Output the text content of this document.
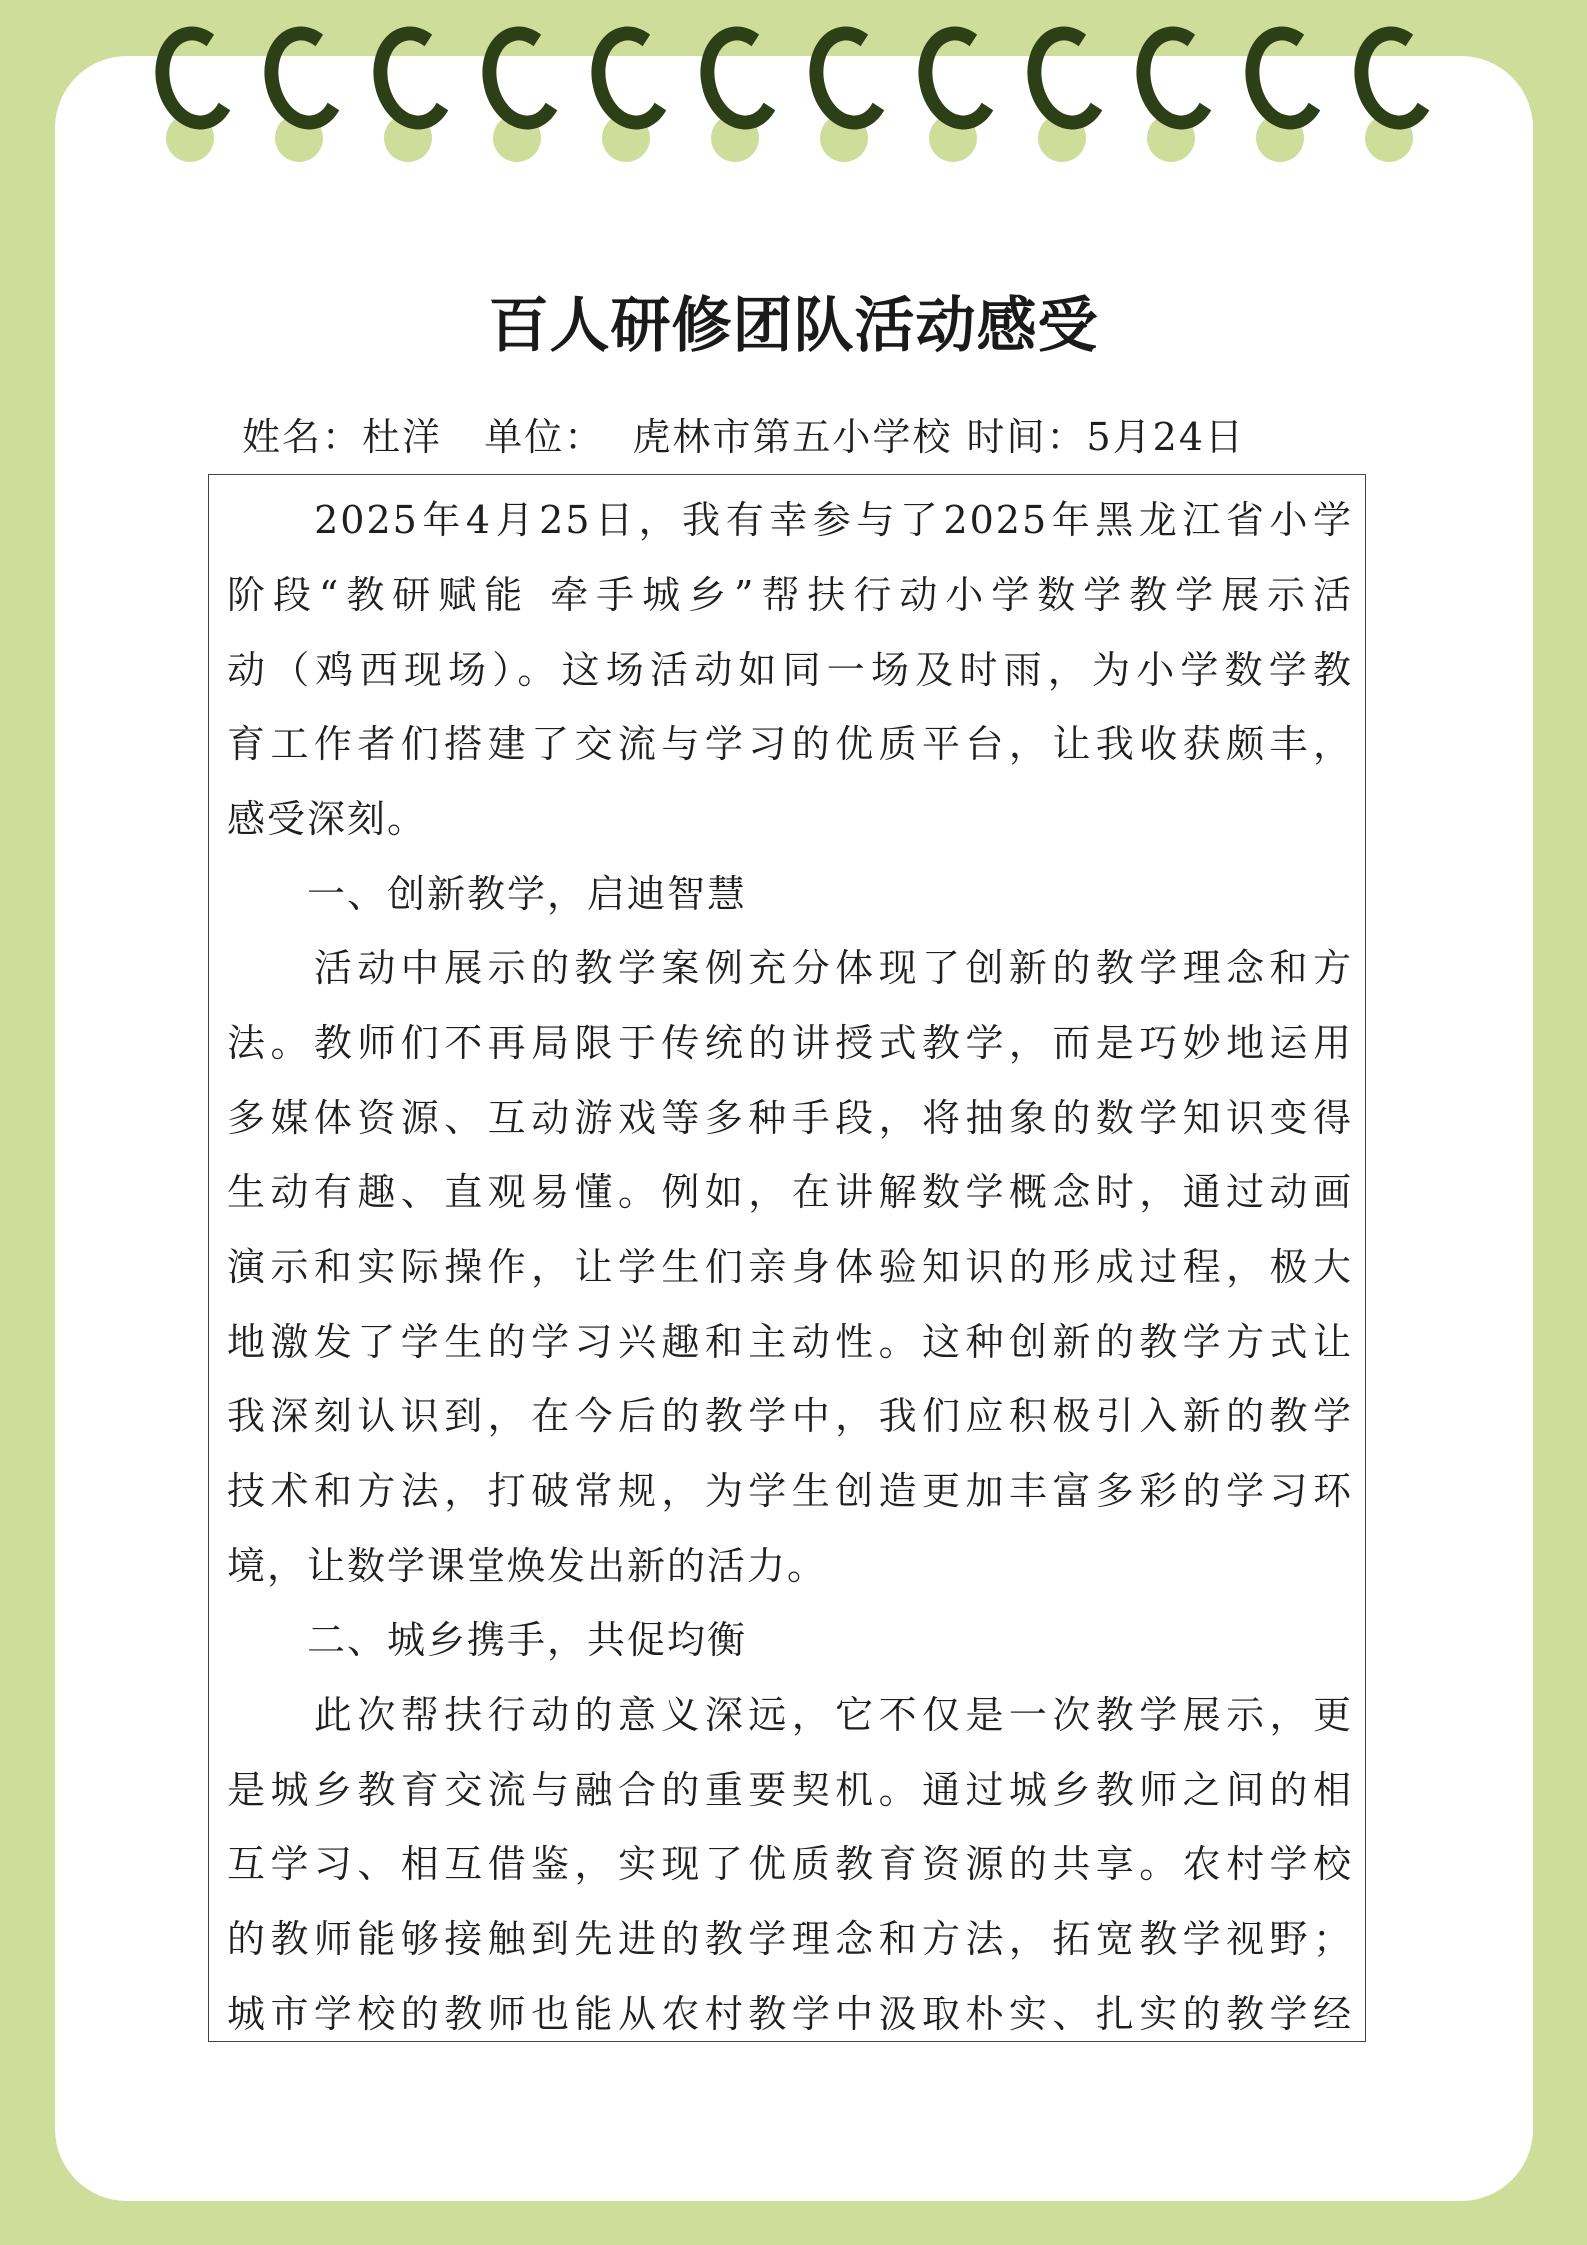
百人研修团队活动感受
姓名：杜洋   单位：  虎林市第五小学校 时间：5月24日
　　2025年4月25日，我有幸参与了2025年黑龙江省小学
阶段“教研赋能 牵手城乡”帮扶行动小学数学教学展示活
动（鸡西现场）。这场活动如同一场及时雨，为小学数学教
育工作者们搭建了交流与学习的优质平台，让我收获颇丰，
感受深刻。
　　一、创新教学，启迪智慧
　　活动中展示的教学案例充分体现了创新的教学理念和方
法。教师们不再局限于传统的讲授式教学，而是巧妙地运用
多媒体资源、互动游戏等多种手段，将抽象的数学知识变得
生动有趣、直观易懂。例如，在讲解数学概念时，通过动画
演示和实际操作，让学生们亲身体验知识的形成过程，极大
地激发了学生的学习兴趣和主动性。这种创新的教学方式让
我深刻认识到，在今后的教学中，我们应积极引入新的教学
技术和方法，打破常规，为学生创造更加丰富多彩的学习环
境，让数学课堂焕发出新的活力。
　　二、城乡携手，共促均衡
　　此次帮扶行动的意义深远，它不仅是一次教学展示，更
是城乡教育交流与融合的重要契机。通过城乡教师之间的相
互学习、相互借鉴，实现了优质教育资源的共享。农村学校
的教师能够接触到先进的教学理念和方法，拓宽教学视野；
城市学校的教师也能从农村教学中汲取朴实、扎实的教学经
